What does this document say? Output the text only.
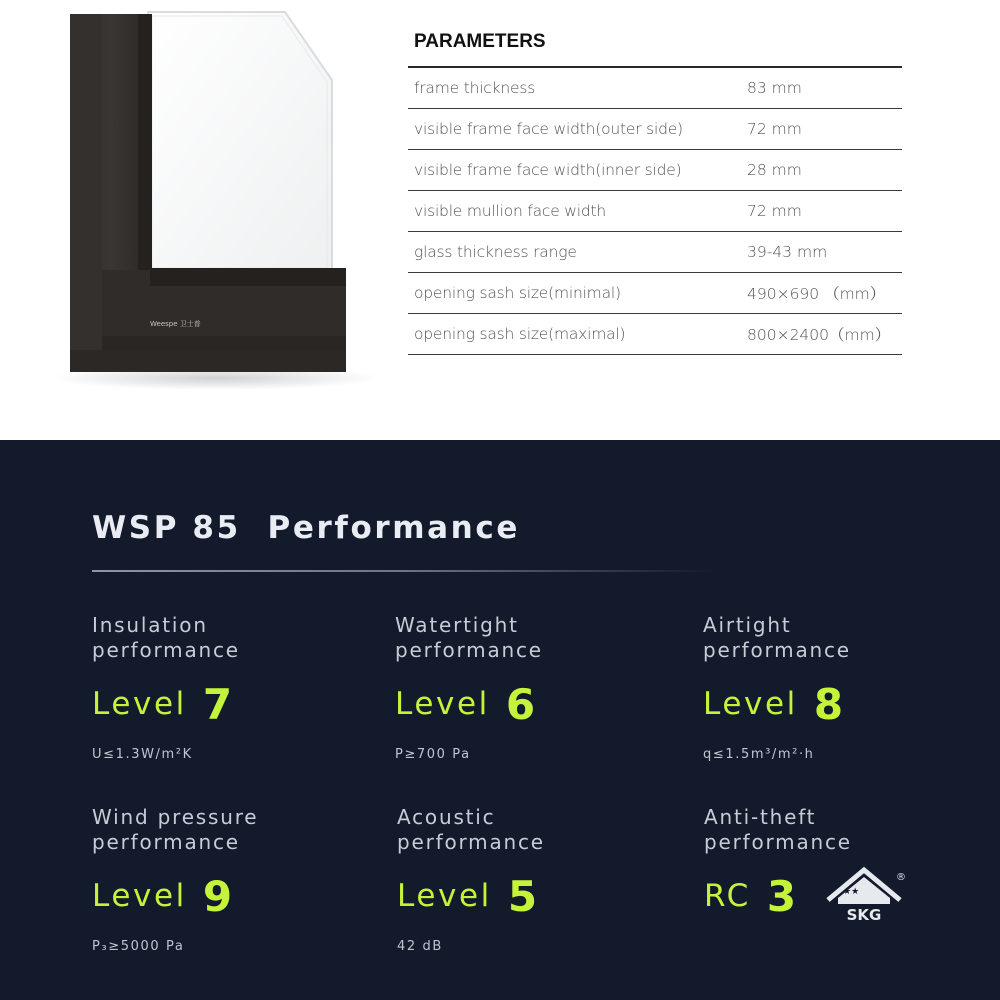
Weespe 卫士普
PARAMETERS
frame thickness	83 mm
visible frame face width(outer side)	72 mm
visible frame face width(inner side)	28 mm
visible mullion face width	72 mm
glass thickness range	39-43 mm
opening sash size(minimal)	490×690 （mm）
opening sash size(maximal)	800×2400（mm）
WSP 85  Performance
Insulation
performance
Level 7
U≤1.3W/m²K
Watertight
performance
Level 6
P≥700 Pa
Airtight
performance
Level 8
q≤1.5m³/m²·h
Wind pressure
performance
Level 9
P₃≥5000 Pa
Acoustic
performance
Level 5
42 dB
Anti-theft
performance
RC 3	★★
SKG
®
